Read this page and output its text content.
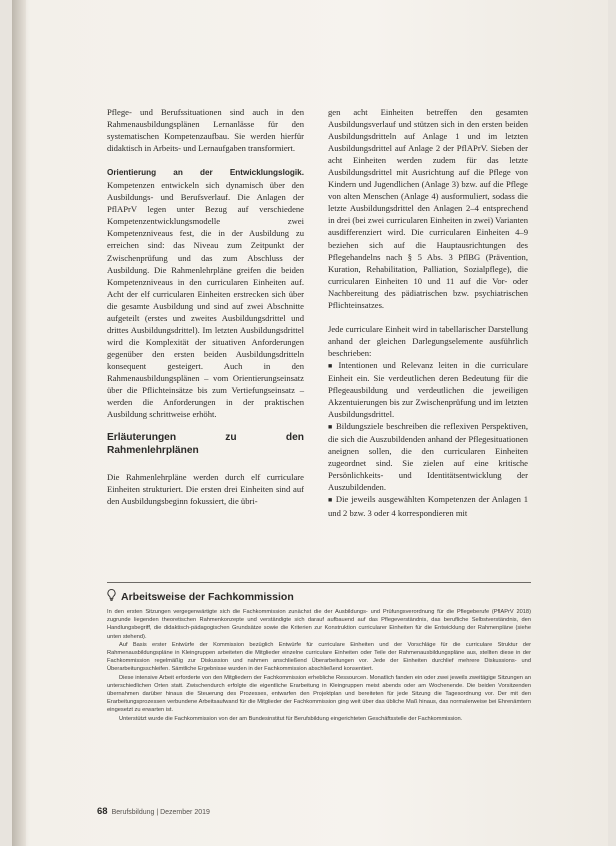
Pflege- und Berufssituationen sind auch in den Rahmenausbildungsplänen Lernanlässe für den systematischen Kompetenzaufbau. Sie werden hierfür didaktisch in Arbeits- und Lernaufgaben transformiert.

Orientierung an der Entwicklungslogik. Kompetenzen entwickeln sich dynamisch über den Ausbildungs- und Berufsverlauf. Die Anlagen der PflAPrV legen unter Bezug auf verschiedene Kompetenzentwicklungsmodelle zwei Kompetenzniveaus fest, die in der Ausbildung zu erreichen sind: das Niveau zum Zeitpunkt der Zwischenprüfung und das zum Abschluss der Ausbildung. Die Rahmenlehrpläne greifen die beiden Kompetenzniveaus in den curricularen Einheiten auf. Acht der elf curricularen Einheiten erstrecken sich über die gesamte Ausbildung und sind auf zwei Abschnitte aufgeteilt (erstes und zweites Ausbildungsdrittel und drittes Ausbildungsdrittel). Im letzten Ausbildungsdrittel wird die Komplexität der situativen Anforderungen gegenüber den ersten beiden Ausbildungsdritteln konsequent gesteigert. Auch in den Rahmenausbildungsplänen – vom Orientierungseinsatz über die Pflichteinsätze bis zum Vertiefungseinsatz – werden die Anforderungen in der praktischen Ausbildung schrittweise erhöht.

Erläuterungen zu den Rahmenlehrplänen

Die Rahmenlehrpläne werden durch elf curriculare Einheiten strukturiert. Die ersten drei Einheiten sind auf den Ausbildungsbeginn fokussiert, die übri-

gen acht Einheiten betreffen den gesamten Ausbildungsverlauf und stützen sich in den ersten beiden Ausbildungsdritteln auf Anlage 1 und im letzten Ausbildungsdrittel auf Anlage 2 der PflAPrV. Sieben der acht Einheiten werden zudem für das letzte Ausbildungsdrittel mit Ausrichtung auf die Pflege von Kindern und Jugendlichen (Anlage 3) bzw. auf die Pflege von alten Menschen (Anlage 4) ausformuliert, sodass die letzte Ausbildungsdrittel den Anlagen 2–4 entsprechend in drei (bei zwei curricularen Einheiten in zwei) Varianten ausdifferenziert wird. Die curricularen Einheiten 4–9 beziehen sich auf die Hauptausrichtungen des Pflegehandelns nach § 5 Abs. 3 PflBG (Prävention, Kuration, Rehabilitation, Palliation, Sozialpflege), die curricularen Einheiten 10 und 11 auf die Vor- oder Nachbereitung des pädiatrischen bzw. psychiatrischen Pflichteinsatzes.

Jede curriculare Einheit wird in tabellarischer Darstellung anhand der gleichen Darlegungselemente ausführlich beschrieben:

■ Intentionen und Relevanz leiten in die curriculare Einheit ein. Sie verdeutlichen deren Bedeutung für die Pflegeausbildung und verdeutlichen die jeweiligen Akzentuierungen bis zur Zwischenprüfung und im letzten Ausbildungsdrittel.

■ Bildungsziele beschreiben die reflexiven Perspektiven, die sich die Auszubildenden anhand der Pflegesituationen aneignen sollen, die den curricularen Einheiten zugeordnet sind. Sie zielen auf eine kritische Persönlichkeits- und Identitätsentwicklung der Auszubildenden.

■ Die jeweils ausgewählten Kompetenzen der Anlagen 1 und 2 bzw. 3 oder 4 korrespondieren mit

Arbeitsweise der Fachkommission

In den ersten Sitzungen vergegenwärtigte sich die Fachkommission zunächst die der Ausbildungs- und Prüfungsverordnung für die Pflegeberufe (PflAPrV 2018) zugrunde liegenden theoretischen Rahmenkonzepte und verständigte sich darauf aufbauend auf das Pflegeverständnis, das berufliche Selbstverständnis, den Handlungsbegriff, die didaktisch-pädagogischen Grundsätze sowie die Kriterien zur Konstruktion curricularer Einheiten für die Entwicklung der Rahmenpläne (siehe unten stehend).

Auf Basis erster Entwürfe der Kommission bezüglich Entwürfe für curriculare Einheiten und der Vorschläge für die curriculare Struktur der Rahmenausbildungspläne in Kleingruppen arbeiteten die Mitglieder einzelne curriculare Einheiten oder Teile der Rahmenausbildungspläne aus, stellten diese in der Fachkommission regelmäßig zur Diskussion und nahmen anschließend Überarbeitungen vor. Jede der Einheiten durchlief mehrere Diskussions- und Überarbeitungsschleifen. Sämtliche Ergebnisse wurden in der Fachkommission abschließend konsentiert.

Diese intensive Arbeit erforderte von den Mitgliedern der Fachkommission erhebliche Ressourcen. Monatlich fanden ein oder zwei jeweils zweitägige Sitzungen an unterschiedlichen Orten statt. Zwischendurch erfolgte die eigentliche Erarbeitung in Kleingruppen meist abends oder am Wochenende. Die beiden Vorsitzenden übernahmen darüber hinaus die Steuerung des Prozesses, entwarfen den Projektplan und bereiteten für jede Sitzung die Tagesordnung vor. Der mit den Erarbeitungsprozessen verbundene Arbeitsaufwand für die Mitglieder der Fachkommission ging weit über das übliche Maß hinaus, das normalerweise bei Ehrenämtern eingesetzt zu erwarten ist.

Unterstützt wurde die Fachkommission von der am Bundesinstitut für Berufsbildung eingerichteten Geschäftsstelle der Fachkommission.

68 Berufsbildung | Dezember 2019
